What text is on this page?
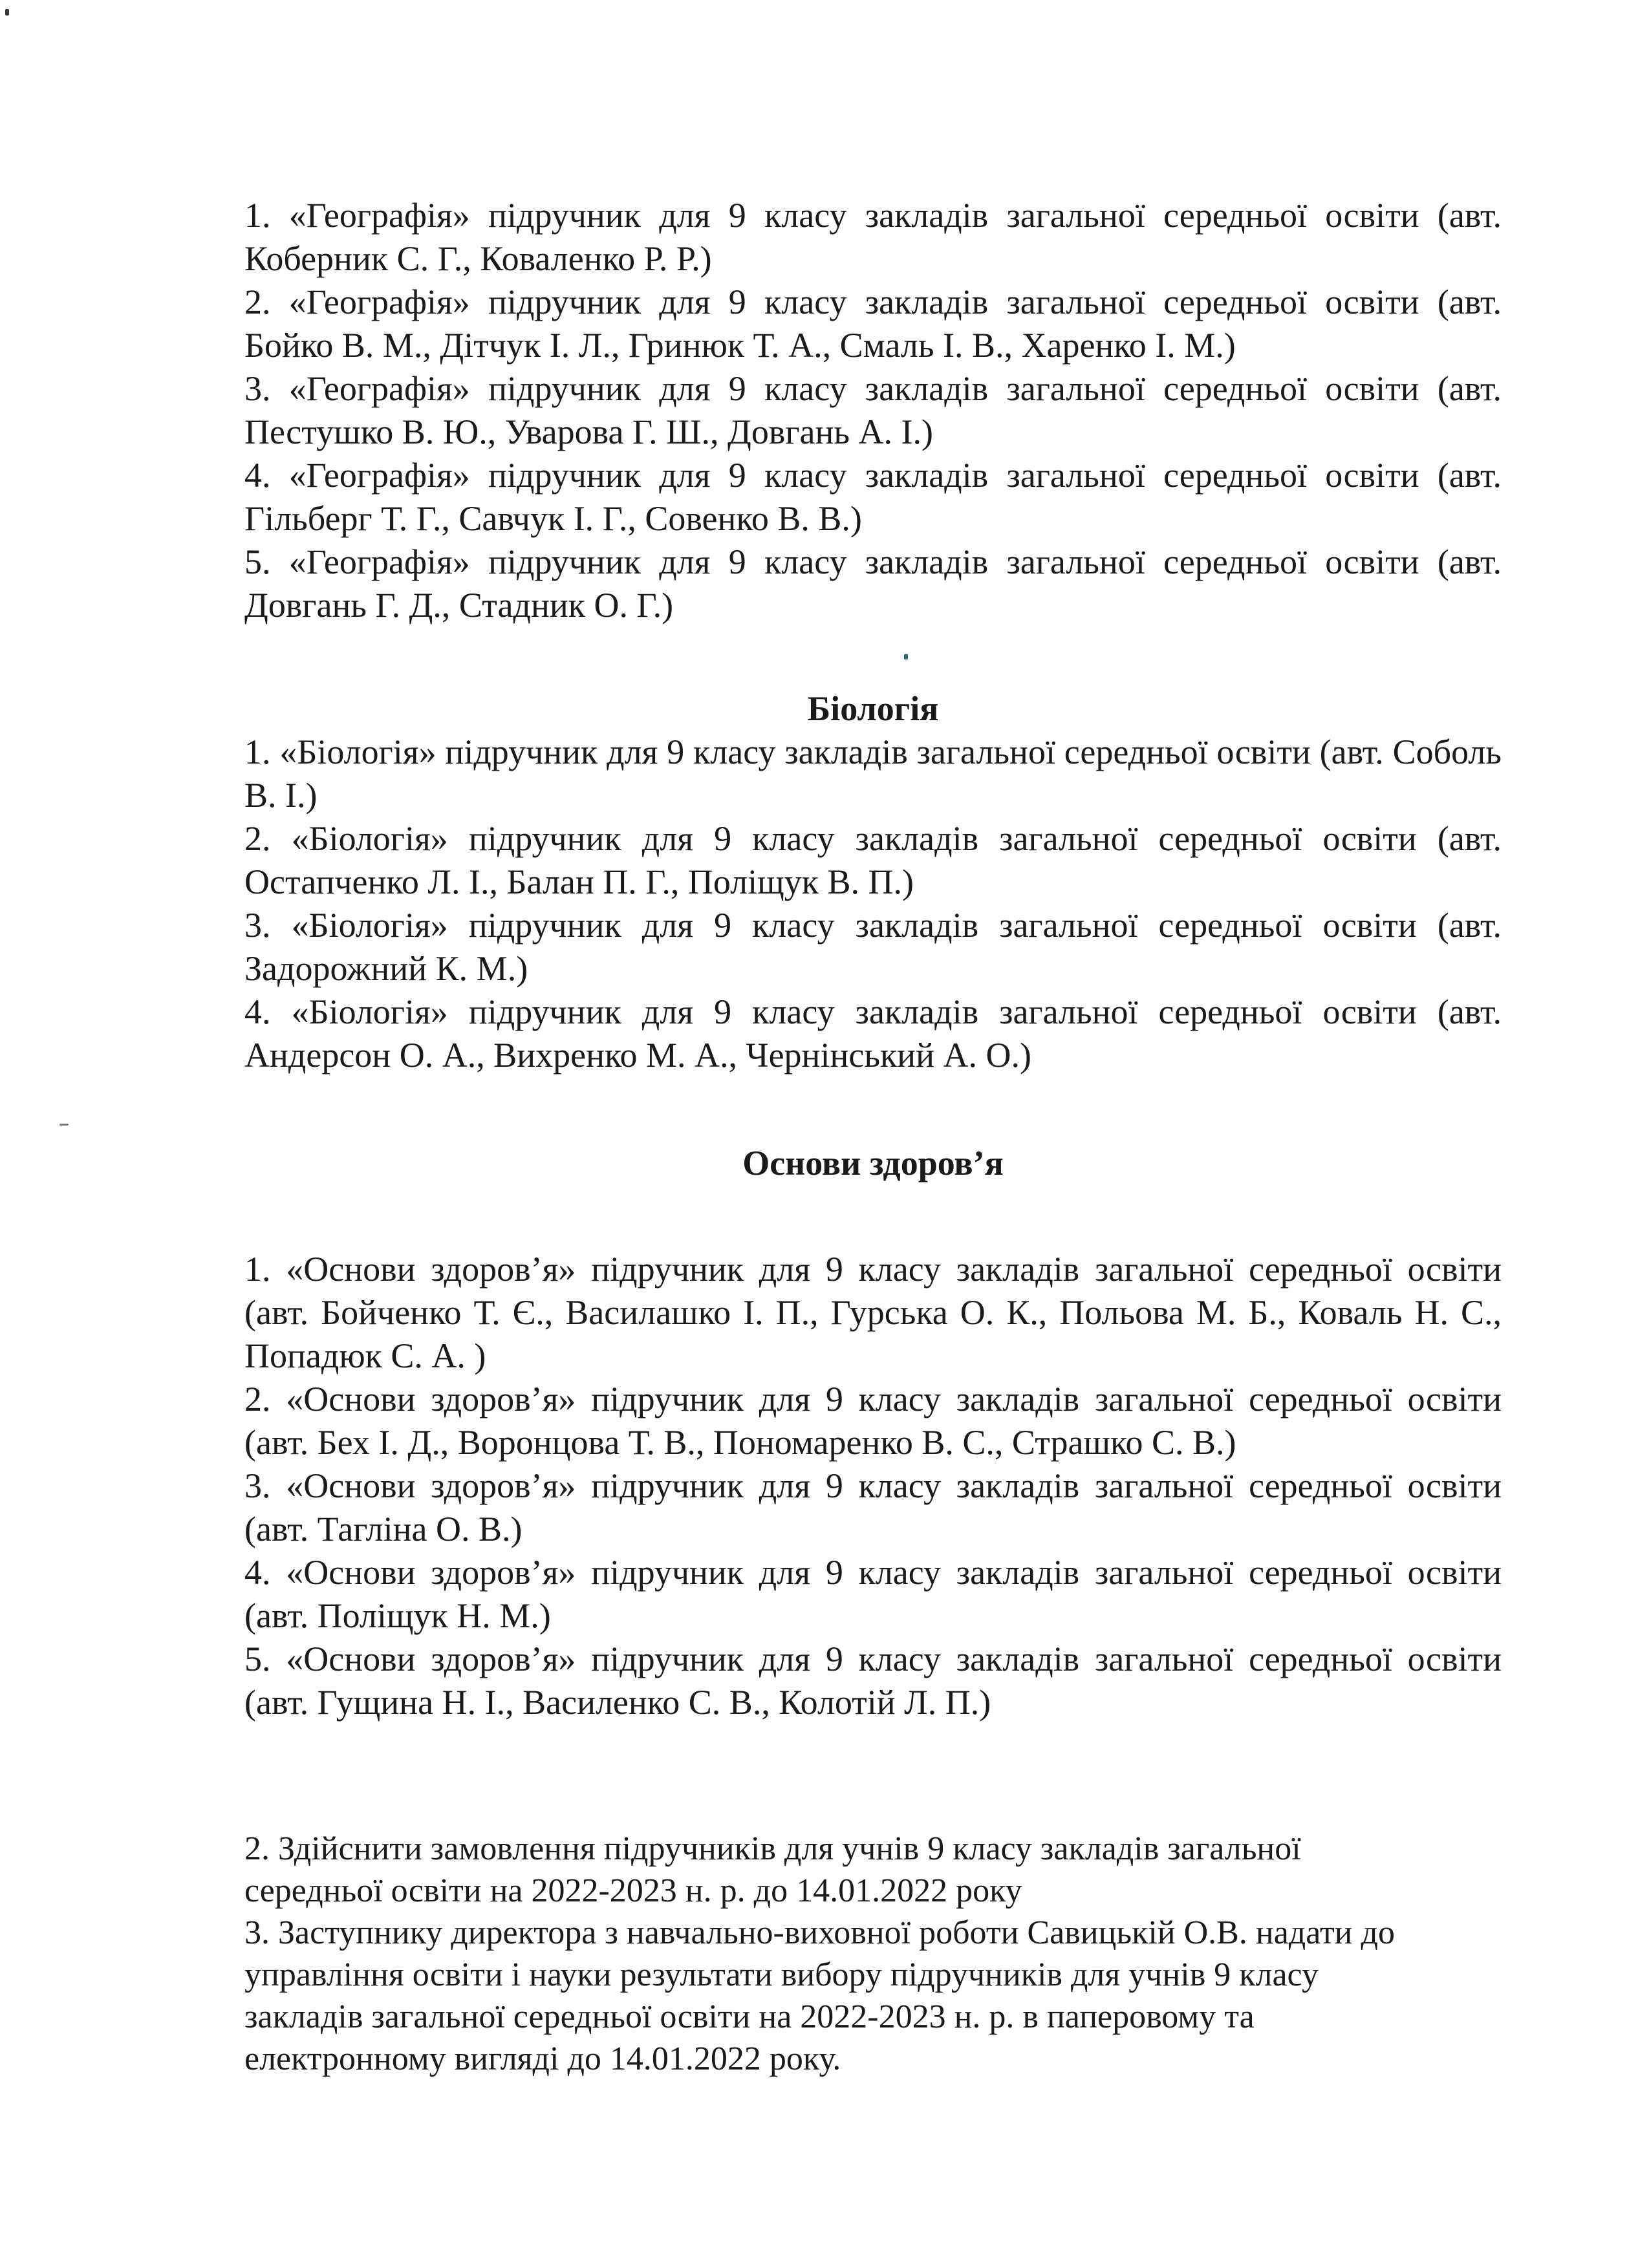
1. «Географія» підручник для 9 класу закладів загальної середньої освіти (авт. Коберник С. Г., Коваленко Р. Р.)

2. «Географія» підручник для 9 класу закладів загальної середньої освіти (авт. Бойко В. М., Дітчук І. Л., Гринюк Т. А., Смаль І. В., Харенко І. М.)

3. «Географія» підручник для 9 класу закладів загальної середньої освіти (авт. Пестушко В. Ю., Уварова Г. Ш., Довгань А. І.)

4. «Географія» підручник для 9 класу закладів загальної середньої освіти (авт. Гільберг Т. Г., Савчук І. Г., Совенко В. В.)

5. «Географія» підручник для 9 класу закладів загальної середньої освіти (авт. Довгань Г. Д., Стадник О. Г.)

Біологія

1. «Біологія» підручник для 9 класу закладів загальної середньої освіти (авт. Соболь В. І.)

2. «Біологія» підручник для 9 класу закладів загальної середньої освіти (авт. Остапченко Л. І., Балан П. Г., Поліщук В. П.)

3. «Біологія» підручник для 9 класу закладів загальної середньої освіти (авт. Задорожний К. М.)

4. «Біологія» підручник для 9 класу закладів загальної середньої освіти (авт. Андерсон О. А., Вихренко М. А., Чернінський А. О.)

Основи здоров’я

1. «Основи здоров’я» підручник для 9 класу закладів загальної середньої освіти (авт. Бойченко Т. Є., Василашко І. П., Гурська О. К., Польова М. Б., Коваль Н. С., Попадюк С. А. )

2. «Основи здоров’я» підручник для 9 класу закладів загальної середньої освіти (авт. Бех І. Д., Воронцова Т. В., Пономаренко В. С., Страшко С. В.)

3. «Основи здоров’я» підручник для 9 класу закладів загальної середньої освіти (авт. Тагліна О. В.)

4. «Основи здоров’я» підручник для 9 класу закладів загальної середньої освіти (авт. Поліщук Н. М.)

5. «Основи здоров’я» підручник для 9 класу закладів загальної середньої освіти (авт. Гущина Н. І., Василенко С. В., Колотій Л. П.)

2. Здійснити замовлення підручників для учнів 9 класу закладів загальної середньої освіти на 2022-2023 н. р. до 14.01.2022 року

3. Заступнику директора з навчально-виховної роботи Савицькій О.В. надати до управління освіти і науки результати вибору підручників для учнів 9 класу закладів загальної середньої освіти на 2022-2023 н. р. в паперовому та електронному вигляді до 14.01.2022 року.
